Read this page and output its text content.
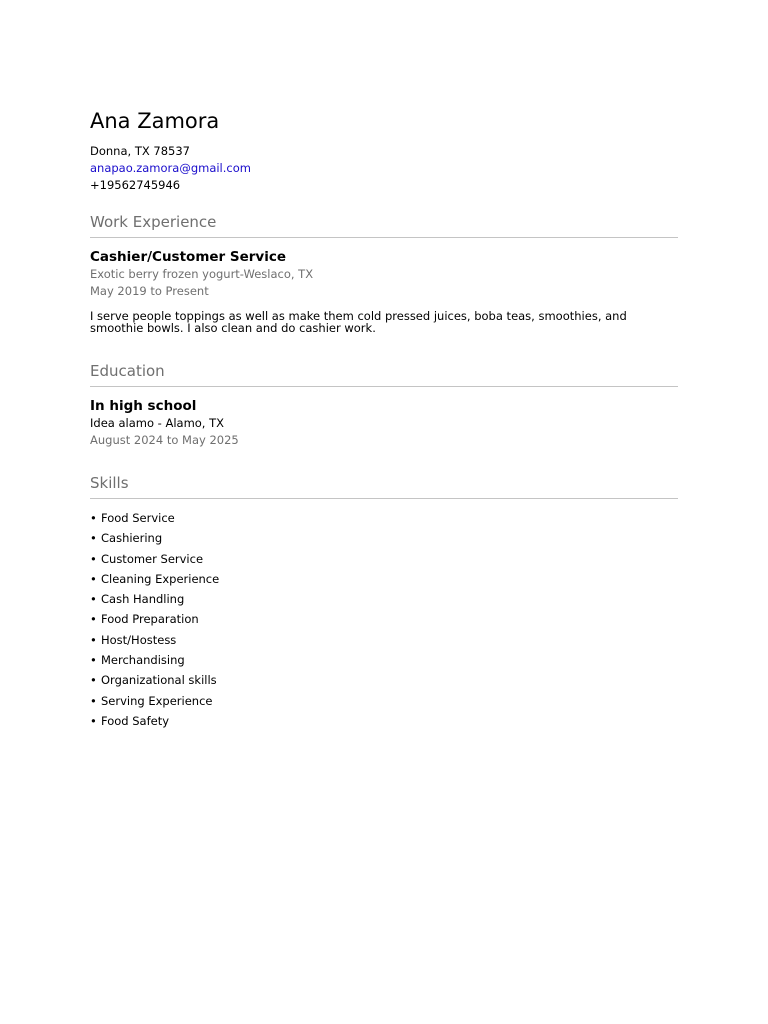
Ana Zamora
Donna, TX 78537
anapao.zamora@gmail.com
+19562745946
Work Experience
Cashier/Customer Service
Exotic berry frozen yogurt-Weslaco, TX
May 2019 to Present
I serve people toppings as well as make them cold pressed juices, boba teas, smoothies, and smoothie bowls. I also clean and do cashier work.
Education
In high school
Idea alamo - Alamo, TX
August 2024 to May 2025
Skills
• Food Service
• Cashiering
• Customer Service
• Cleaning Experience
• Cash Handling
• Food Preparation
• Host/Hostess
• Merchandising
• Organizational skills
• Serving Experience
• Food Safety
